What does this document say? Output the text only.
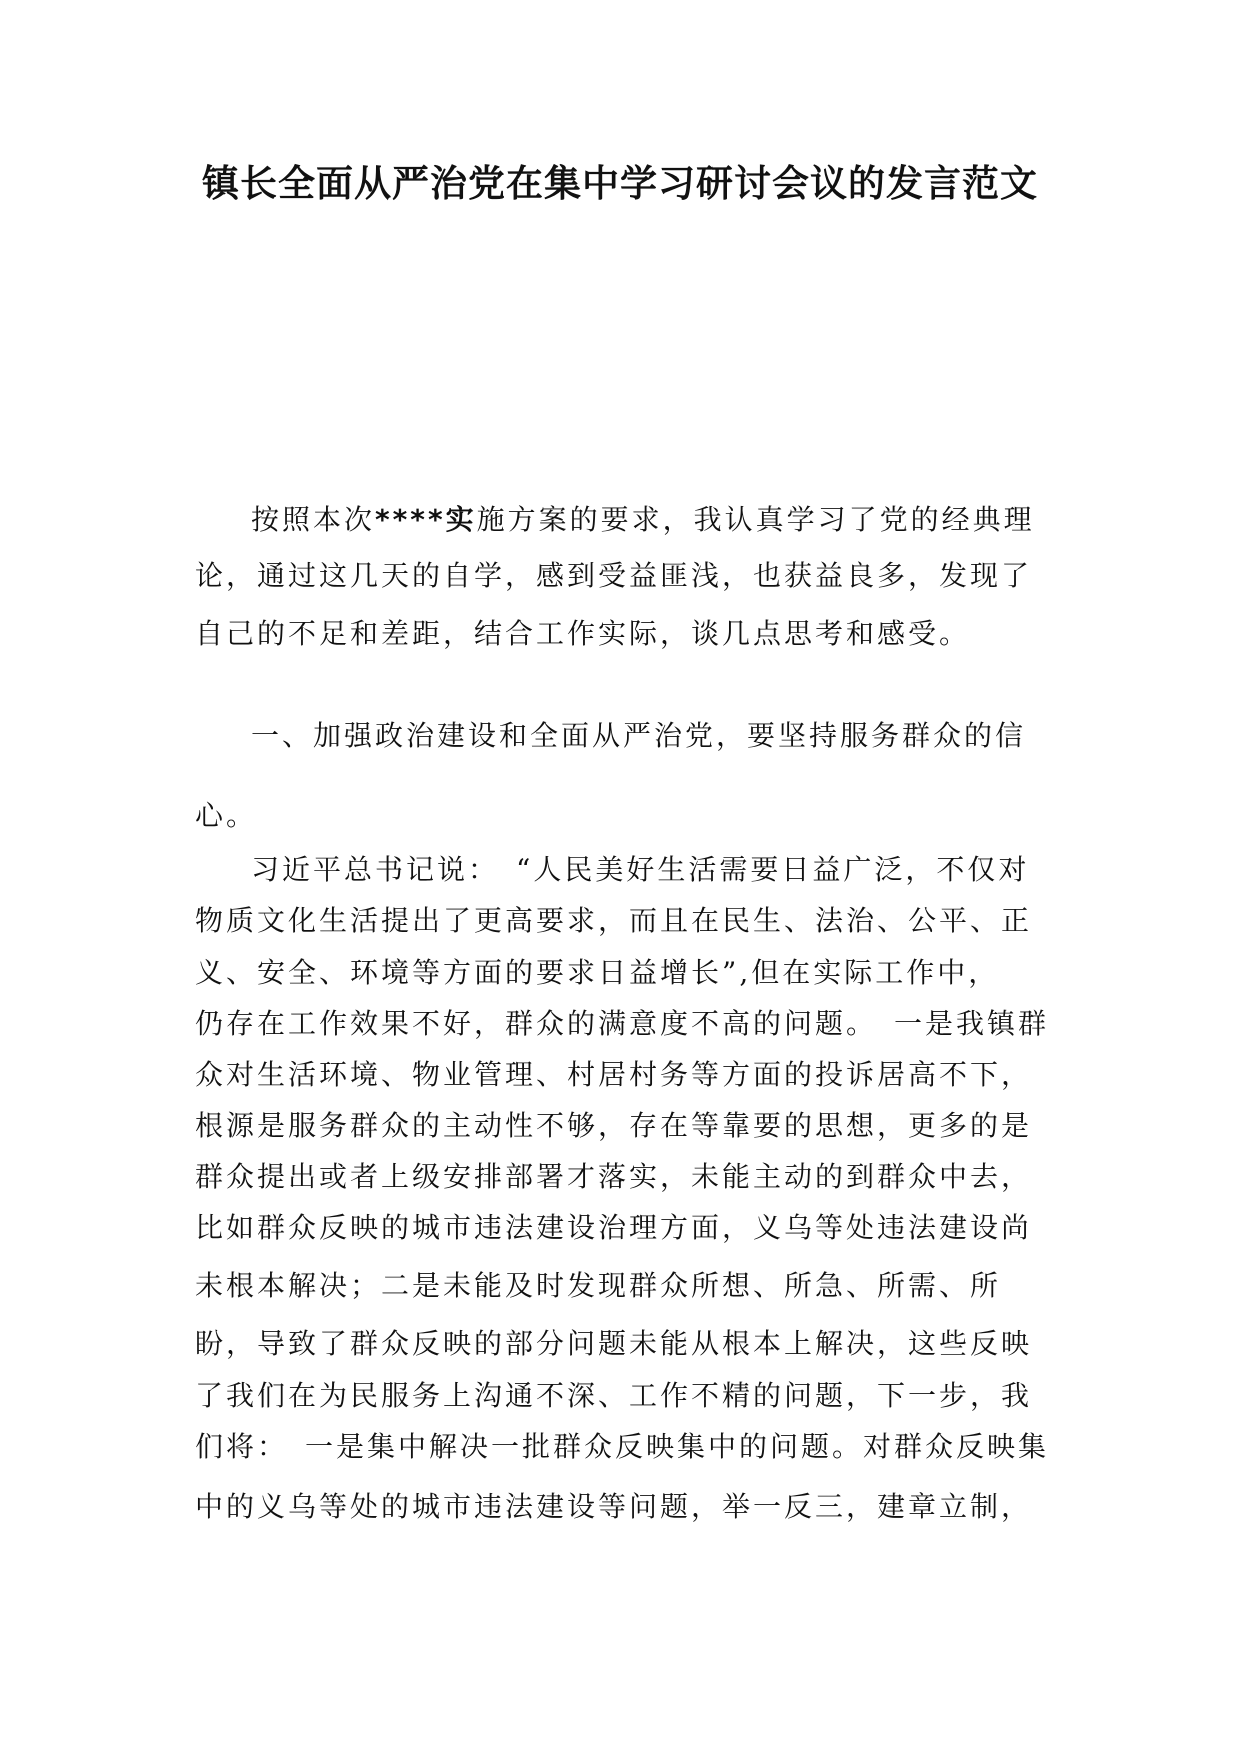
镇长全面从严治党在集中学习研讨会议的发言范文

按照本次****实施方案的要求，我认真学习了党的经典理

论，通过这几天的自学，感到受益匪浅，也获益良多，发现了

自己的不足和差距，结合工作实际，谈几点思考和感受。

一、加强政治建设和全面从严治党，要坚持服务群众的信

心。

习近平总书记说：　“人民美好生活需要日益广泛，不仅对

物质文化生活提出了更高要求，而且在民生、法治、公平、正

义、安全、环境等方面的要求日益增长”,但在实际工作中，

仍存在工作效果不好，群众的满意度不高的问题。　一是我镇群

众对生活环境、物业管理、村居村务等方面的投诉居高不下，

根源是服务群众的主动性不够，存在等靠要的思想，更多的是

群众提出或者上级安排部署才落实，未能主动的到群众中去，

比如群众反映的城市违法建设治理方面，义乌等处违法建设尚

未根本解决；二是未能及时发现群众所想、所急、所需、所

盼，导致了群众反映的部分问题未能从根本上解决，这些反映

了我们在为民服务上沟通不深、工作不精的问题，下一步，我

们将：　一是集中解决一批群众反映集中的问题。对群众反映集

中的义乌等处的城市违法建设等问题，举一反三，建章立制，
